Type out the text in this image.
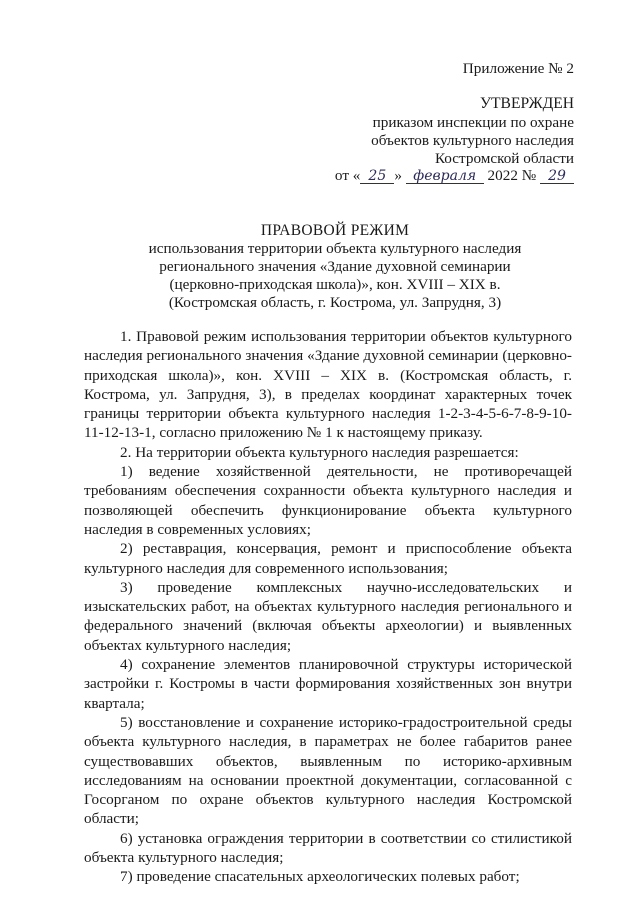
Приложение № 2
УТВЕРЖДЕН
приказом инспекции по охране
объектов культурного наследия
Костромской области
от « 25 » февраля 2022 № 29
ПРАВОВОЙ РЕЖИМ
использования территории объекта культурного наследия
регионального значения «Здание духовной семинарии
(церковно-приходская школа)», кон. XVIII – XIX в.
(Костромская область, г. Кострома, ул. Запрудня, 3)

1. Правовой режим использования территории объектов культурного наследия регионального значения «Здание духовной семинарии (церковно-приходская школа)», кон. XVIII – XIX в. (Костромская область, г. Кострома, ул. Запрудня, 3), в пределах координат характерных точек границы территории объекта культурного наследия 1-2-3-4-5-6-7-8-9-10-11-12-13-1, согласно приложению № 1 к настоящему приказу.

2. На территории объекта культурного наследия разрешается:

1) ведение хозяйственной деятельности, не противоречащей требованиям обеспечения сохранности объекта культурного наследия и позволяющей обеспечить функционирование объекта культурного наследия в современных условиях;

2) реставрация, консервация, ремонт и приспособление объекта культурного наследия для современного использования;

3) проведение комплексных научно-исследовательских и изыскательских работ, на объектах культурного наследия регионального и федерального значений (включая объекты археологии) и выявленных объектах культурного наследия;

4) сохранение элементов планировочной структуры исторической застройки г. Костромы в части формирования хозяйственных зон внутри квартала;

5) восстановление и сохранение историко-градостроительной среды объекта культурного наследия, в параметрах не более габаритов ранее существовавших объектов, выявленным по историко-архивным исследованиям на основании проектной документации, согласованной с Госорганом по охране объектов культурного наследия Костромской области;

6) установка ограждения территории в соответствии со стилистикой объекта культурного наследия;

7) проведение спасательных археологических полевых работ;
